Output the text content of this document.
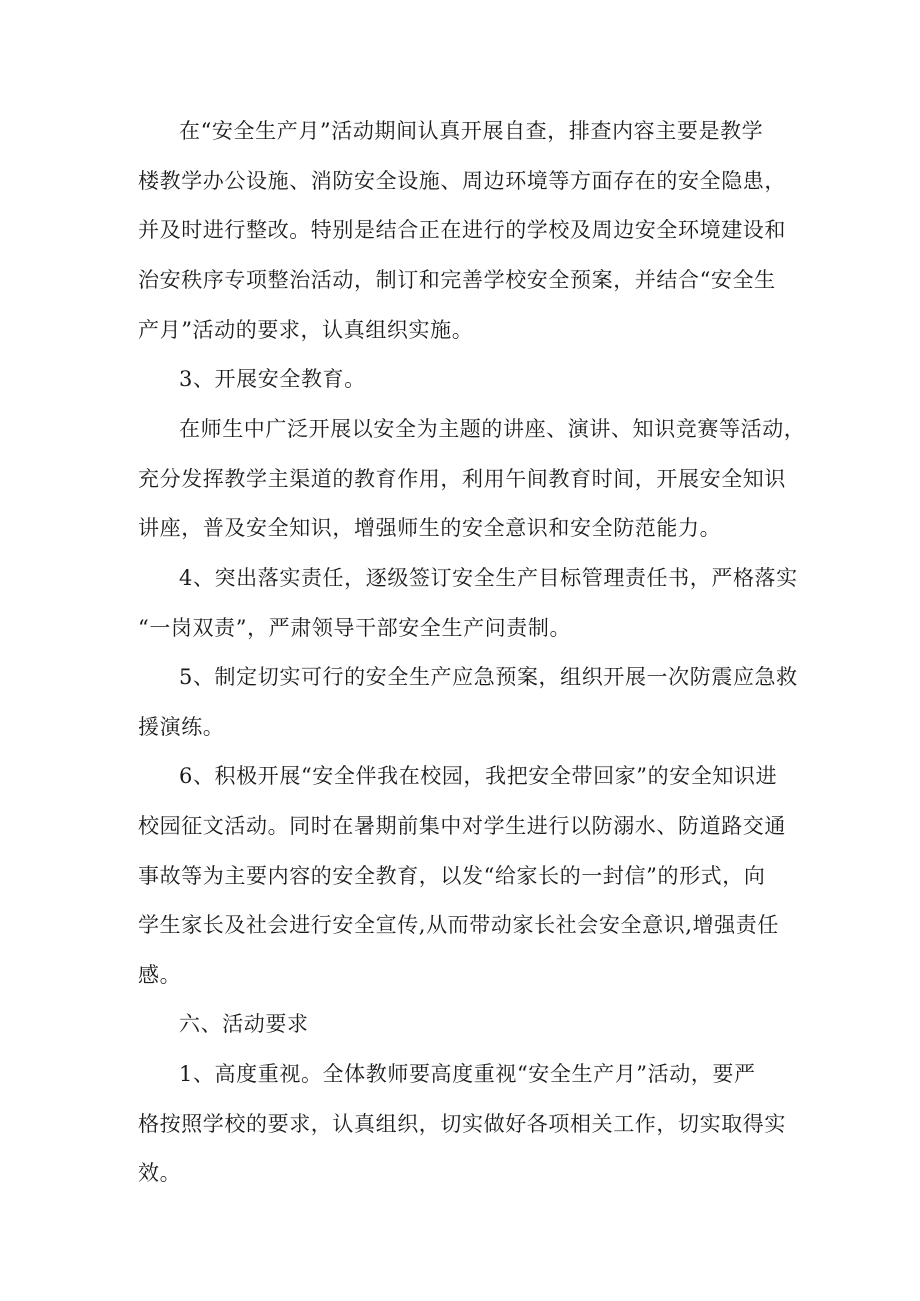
在“安全生产月”活动期间认真开展自查，排查内容主要是教学
楼教学办公设施、消防安全设施、周边环境等方面存在的安全隐患，
并及时进行整改。特别是结合正在进行的学校及周边安全环境建设和
治安秩序专项整治活动，制订和完善学校安全预案，并结合“安全生
产月”活动的要求，认真组织实施。
3、开展安全教育。
在师生中广泛开展以安全为主题的讲座、演讲、知识竞赛等活动，
充分发挥教学主渠道的教育作用，利用午间教育时间，开展安全知识
讲座，普及安全知识，增强师生的安全意识和安全防范能力。
4、突出落实责任，逐级签订安全生产目标管理责任书，严格落实
“一岗双责”，严肃领导干部安全生产问责制。
5、制定切实可行的安全生产应急预案，组织开展一次防震应急救
援演练。
6、积极开展“安全伴我在校园，我把安全带回家”的安全知识进
校园征文活动。同时在暑期前集中对学生进行以防溺水、防道路交通
事故等为主要内容的安全教育，以发“给家长的一封信”的形式，向
学生家长及社会进行安全宣传,从而带动家长社会安全意识,增强责任
感。
六、活动要求
1、高度重视。全体教师要高度重视“安全生产月”活动，要严
格按照学校的要求，认真组织，切实做好各项相关工作，切实取得实
效。
